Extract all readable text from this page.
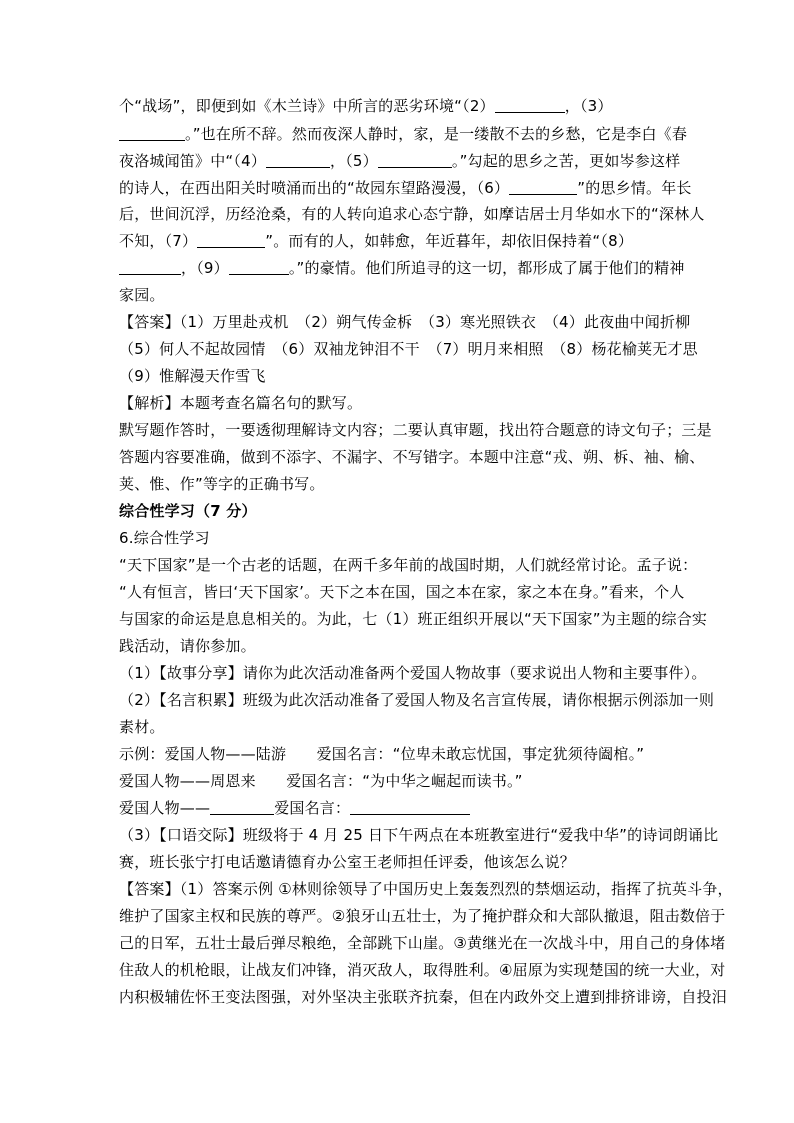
个“战场”，即便到如《木兰诗》中所言的恶劣环境“（2）	，（3）
。”也在所不辞。然而夜深人静时，家，是一缕散不去的乡愁，它是李白《春
夜洛城闻笛》中“（4）	，（5）	。”勾起的思乡之苦，更如岑参这样
的诗人，在西出阳关时喷涌而出的“故园东望路漫漫，（6）	”的思乡情。年长
后，世间沉浮，历经沧桑，有的人转向追求心态宁静，如摩诘居士月华如水下的“深林人
不知，（7）	”。而有的人，如韩愈，年近暮年，却依旧保持着“（8）
，（9）	。”的豪情。他们所追寻的这一切，都形成了属于他们的精神
家园。
【答案】（1）万里赴戎机　（2）朔气传金柝　（3）寒光照铁衣　（4）此夜曲中闻折柳
（5）何人不起故园情　（6）双袖龙钟泪不干　（7）明月来相照　（8）杨花榆荚无才思
（9）惟解漫天作雪飞
【解析】本题考查名篇名句的默写。
默写题作答时，一要透彻理解诗文内容；二要认真审题，找出符合题意的诗文句子；三是
答题内容要准确，做到不添字、不漏字、不写错字。本题中注意“戎、朔、柝、袖、榆、
荚、惟、作”等字的正确书写。
综合性学习（7 分）
6.综合性学习
“天下国家”是一个古老的话题，在两千多年前的战国时期，人们就经常讨论。孟子说：
“人有恒言，皆曰‘天下国家’。天下之本在国，国之本在家，家之本在身。”看来，个人
与国家的命运是息息相关的。为此，七（1）班正组织开展以“天下国家”为主题的综合实
践活动，请你参加。
（1）【故事分享】请你为此次活动准备两个爱国人物故事（要求说出人物和主要事件）。
（2）【名言积累】班级为此次活动准备了爱国人物及名言宣传展，请你根据示例添加一则
素材。
示例：爱国人物——陆游　　爱国名言：“位卑未敢忘忧国，事定犹须待阖棺。”
爱国人物——周恩来　　爱国名言：“为中华之崛起而读书。”
爱国人物——	爱国名言：
（3）【口语交际】班级将于 4 月 25 日下午两点在本班教室进行“爱我中华”的诗词朗诵比
赛，班长张宁打电话邀请德育办公室王老师担任评委，他该怎么说？
【答案】（1）答案示例 ①林则徐领导了中国历史上轰轰烈烈的禁烟运动，指挥了抗英斗争，
维护了国家主权和民族的尊严。②狼牙山五壮士，为了掩护群众和大部队撤退，阻击数倍于
己的日军，五壮士最后弹尽粮绝，全部跳下山崖。③黄继光在一次战斗中，用自己的身体堵
住敌人的机枪眼，让战友们冲锋，消灭敌人，取得胜利。④屈原为实现楚国的统一大业，对
内积极辅佐怀王变法图强，对外坚决主张联齐抗秦，但在内政外交上遭到排挤诽谤，自投汨
